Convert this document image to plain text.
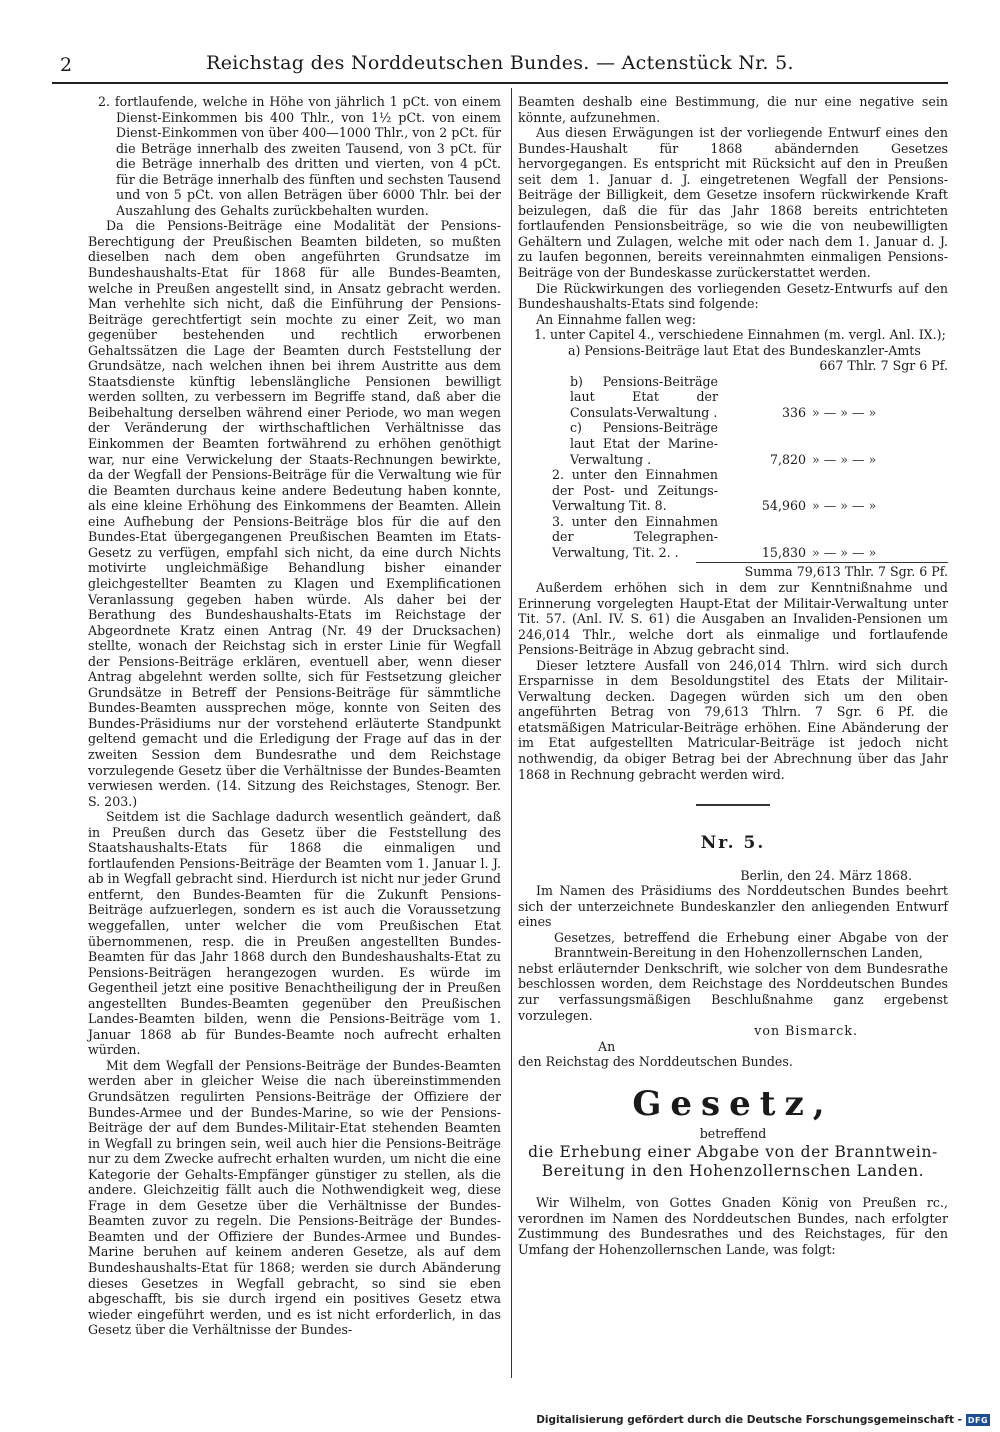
2	Reichstag des Norddeutschen Bundes. — Actenstück Nr. 5.

2. fortlaufende, welche in Höhe von jährlich 1 pCt. von einem Dienst-Einkommen bis 400 Thlr., von 1½ pCt. von einem Dienst-Einkommen von über 400—1000 Thlr., von 2 pCt. für die Beträge innerhalb des zweiten Tausend, von 3 pCt. für die Beträge innerhalb des dritten und vierten, von 4 pCt. für die Beträge innerhalb des fünften und sechsten Tausend und von 5 pCt. von allen Beträgen über 6000 Thlr. bei der Auszahlung des Gehalts zurückbehalten wurden.

Da die Pensions-Beiträge eine Modalität der Pensions-Berechtigung der Preußischen Beamten bildeten, so mußten dieselben nach dem oben angeführten Grundsatze im Bundeshaushalts-Etat für 1868 für alle Bundes-Beamten, welche in Preußen angestellt sind, in Ansatz gebracht werden. Man verhehlte sich nicht, daß die Einführung der Pensions-Beiträge gerechtfertigt sein mochte zu einer Zeit, wo man gegenüber bestehenden und rechtlich erworbenen Gehaltssätzen die Lage der Beamten durch Feststellung der Grundsätze, nach welchen ihnen bei ihrem Austritte aus dem Staatsdienste künftig lebenslängliche Pensionen bewilligt werden sollten, zu verbessern im Begriffe stand, daß aber die Beibehaltung derselben während einer Periode, wo man wegen der Veränderung der wirthschaftlichen Verhältnisse das Einkommen der Beamten fortwährend zu erhöhen genöthigt war, nur eine Verwickelung der Staats-Rechnungen bewirkte, da der Wegfall der Pensions-Beiträge für die Verwaltung wie für die Beamten durchaus keine andere Bedeutung haben konnte, als eine kleine Erhöhung des Einkommens der Beamten. Allein eine Aufhebung der Pensions-Beiträge blos für die auf den Bundes-Etat übergegangenen Preußischen Beamten im Etats-Gesetz zu verfügen, empfahl sich nicht, da eine durch Nichts motivirte ungleichmäßige Behandlung bisher einander gleichgestellter Beamten zu Klagen und Exemplificationen Veranlassung gegeben haben würde. Als daher bei der Berathung des Bundeshaushalts-Etats im Reichstage der Abgeordnete Kratz einen Antrag (Nr. 49 der Drucksachen) stellte, wonach der Reichstag sich in erster Linie für Wegfall der Pensions-Beiträge erklären, eventuell aber, wenn dieser Antrag abgelehnt werden sollte, sich für Festsetzung gleicher Grundsätze in Betreff der Pensions-Beiträge für sämmtliche Bundes-Beamten aussprechen möge, konnte von Seiten des Bundes-Präsidiums nur der vorstehend erläuterte Standpunkt geltend gemacht und die Erledigung der Frage auf das in der zweiten Session dem Bundesrathe und dem Reichstage vorzulegende Gesetz über die Verhältnisse der Bundes-Beamten verwiesen werden. (14. Sitzung des Reichstages, Stenogr. Ber. S. 203.)

Seitdem ist die Sachlage dadurch wesentlich geändert, daß in Preußen durch das Gesetz über die Feststellung des Staatshaushalts-Etats für 1868 die einmaligen und fortlaufenden Pensions-Beiträge der Beamten vom 1. Januar l. J. ab in Wegfall gebracht sind. Hierdurch ist nicht nur jeder Grund entfernt, den Bundes-Beamten für die Zukunft Pensions-Beiträge aufzuerlegen, sondern es ist auch die Voraussetzung weggefallen, unter welcher die vom Preußischen Etat übernommenen, resp. die in Preußen angestellten Bundes-Beamten für das Jahr 1868 durch den Bundeshaushalts-Etat zu Pensions-Beiträgen herangezogen wurden. Es würde im Gegentheil jetzt eine positive Benachtheiligung der in Preußen angestellten Bundes-Beamten gegenüber den Preußischen Landes-Beamten bilden, wenn die Pensions-Beiträge vom 1. Januar 1868 ab für Bundes-Beamte noch aufrecht erhalten würden.

Mit dem Wegfall der Pensions-Beiträge der Bundes-Beamten werden aber in gleicher Weise die nach übereinstimmenden Grundsätzen regulirten Pensions-Beiträge der Offiziere der Bundes-Armee und der Bundes-Marine, so wie der Pensions-Beiträge der auf dem Bundes-Militair-Etat stehenden Beamten in Wegfall zu bringen sein, weil auch hier die Pensions-Beiträge nur zu dem Zwecke aufrecht erhalten wurden, um nicht die eine Kategorie der Gehalts-Empfänger günstiger zu stellen, als die andere. Gleichzeitig fällt auch die Nothwendigkeit weg, diese Frage in dem Gesetze über die Verhältnisse der Bundes-Beamten zuvor zu regeln. Die Pensions-Beiträge der Bundes-Beamten und der Offiziere der Bundes-Armee und Bundes-Marine beruhen auf keinem anderen Gesetze, als auf dem Bundeshaushalts-Etat für 1868; werden sie durch Abänderung dieses Gesetzes in Wegfall gebracht, so sind sie eben abgeschafft, bis sie durch irgend ein positives Gesetz etwa wieder eingeführt werden, und es ist nicht erforderlich, in das Gesetz über die Verhältnisse der Bundes-

Beamten deshalb eine Bestimmung, die nur eine negative sein könnte, aufzunehmen.

Aus diesen Erwägungen ist der vorliegende Entwurf eines den Bundes-Haushalt für 1868 abändernden Gesetzes hervorgegangen. Es entspricht mit Rücksicht auf den in Preußen seit dem 1. Januar d. J. eingetretenen Wegfall der Pensions-Beiträge der Billigkeit, dem Gesetze insofern rückwirkende Kraft beizulegen, daß die für das Jahr 1868 bereits entrichteten fortlaufenden Pensionsbeiträge, so wie die von neubewilligten Gehältern und Zulagen, welche mit oder nach dem 1. Januar d. J. zu laufen begonnen, bereits vereinnahmten einmaligen Pensions-Beiträge von der Bundeskasse zurückerstattet werden.

Die Rückwirkungen des vorliegenden Gesetz-Entwurfs auf den Bundeshaushalts-Etats sind folgende:

An Einnahme fallen weg:

1. unter Capitel 4., verschiedene Einnahmen (m. vergl. Anl. IX.);
a) Pensions-Beiträge laut Etat des Bundeskanzler-Amts
667 Thlr. 7 Sgr 6 Pf.
b) Pensions-Beiträge laut Etat der Consulats-Verwaltung .	336	» — » — »
c) Pensions-Beiträge laut Etat der Marine-Verwaltung .	7,820	» — » — »
2. unter den Einnahmen der Post- und Zeitungs-Verwaltung Tit. 8.	54,960	» — » — »
3. unter den Einnahmen der Telegraphen-Verwaltung, Tit. 2. .	15,830	» — » — »
Summa 79,613 Thlr. 7 Sgr. 6 Pf.

Außerdem erhöhen sich in dem zur Kenntnißnahme und Erinnerung vorgelegten Haupt-Etat der Militair-Verwaltung unter Tit. 57. (Anl. IV. S. 61) die Ausgaben an Invaliden-Pensionen um 246,014 Thlr., welche dort als einmalige und fortlaufende Pensions-Beiträge in Abzug gebracht sind.

Dieser letztere Ausfall von 246,014 Thlrn. wird sich durch Ersparnisse in dem Besoldungstitel des Etats der Militair-Verwaltung decken. Dagegen würden sich um den oben angeführten Betrag von 79,613 Thlrn. 7 Sgr. 6 Pf. die etatsmäßigen Matricular-Beiträge erhöhen. Eine Abänderung der im Etat aufgestellten Matricular-Beiträge ist jedoch nicht nothwendig, da obiger Betrag bei der Abrechnung über das Jahr 1868 in Rechnung gebracht werden wird.

Nr. 5.
Berlin, den 24. März 1868.

Im Namen des Präsidiums des Norddeutschen Bundes beehrt sich der unterzeichnete Bundeskanzler den anliegenden Entwurf eines

Gesetzes, betreffend die Erhebung einer Abgabe von der Branntwein-Bereitung in den Hohenzollernschen Landen,

nebst erläuternder Denkschrift, wie solcher von dem Bundesrathe beschlossen worden, dem Reichstage des Norddeutschen Bundes zur verfassungsmäßigen Beschlußnahme ganz ergebenst vorzulegen.

von Bismarck.
An
den Reichstag des Norddeutschen Bundes.
Gesetz,
betreffend
die Erhebung einer Abgabe von der Branntwein-Bereitung in den Hohenzollernschen Landen.

Wir Wilhelm, von Gottes Gnaden König von Preußen rc., verordnen im Namen des Norddeutschen Bundes, nach erfolgter Zustimmung des Bundesrathes und des Reichstages, für den Umfang der Hohenzollernschen Lande, was folgt:

Digitalisierung gefördert durch die Deutsche Forschungsgemeinschaft - DFG
